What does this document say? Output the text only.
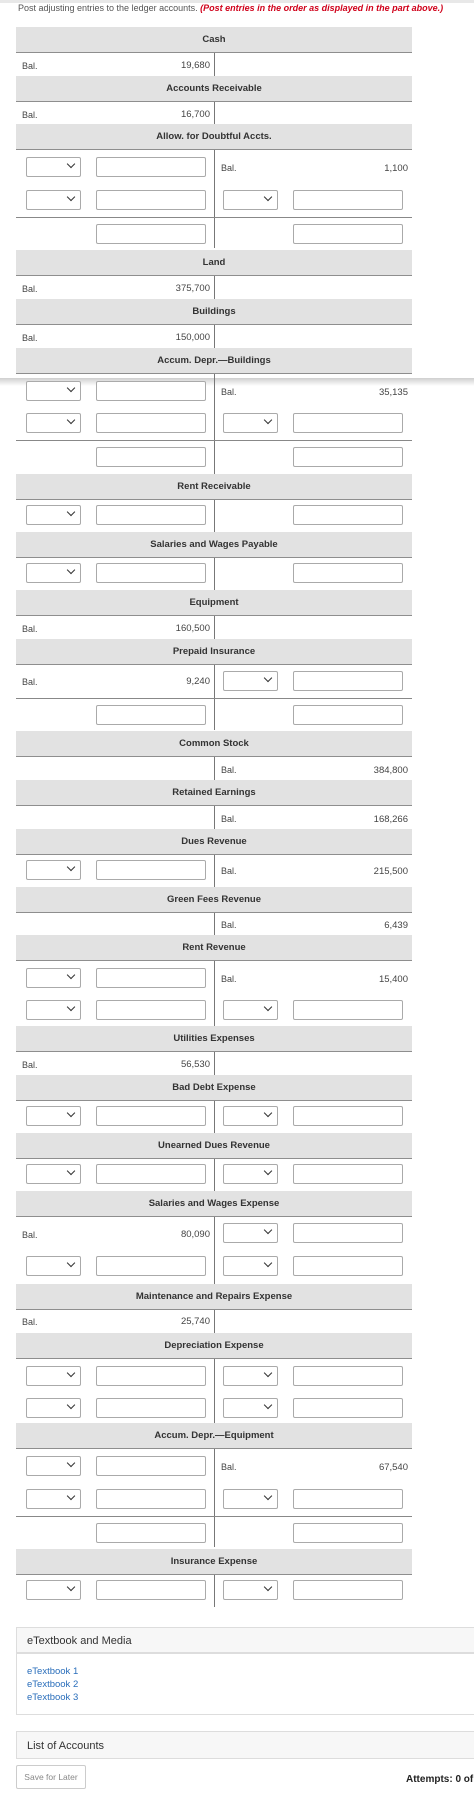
Post adjusting entries to the ledger accounts. (Post entries in the order as displayed in the part above.)
Cash
Bal.	19,680
Accounts Receivable
Bal.	16,700
Allow. for Doubtful Accts.
Bal.	1,100
Land
Bal.	375,700
Buildings
Bal.	150,000
Accum. Depr.—Buildings
Bal.	35,135
Rent Receivable
Salaries and Wages Payable
Equipment
Bal.	160,500
Prepaid Insurance
Bal.	9,240
Common Stock
Bal.	384,800
Retained Earnings
Bal.	168,266
Dues Revenue
Bal.	215,500
Green Fees Revenue
Bal.	6,439
Rent Revenue
Bal.	15,400
Utilities Expenses
Bal.	56,530
Bad Debt Expense
Unearned Dues Revenue
Salaries and Wages Expense
Bal.	80,090
Maintenance and Repairs Expense
Bal.	25,740
Depreciation Expense
Accum. Depr.—Equipment
Bal.	67,540
Insurance Expense
eTextbook and Media
eTextbook 1
eTextbook 2
eTextbook 3
List of Accounts
Save for Later	Attempts: 0 of
